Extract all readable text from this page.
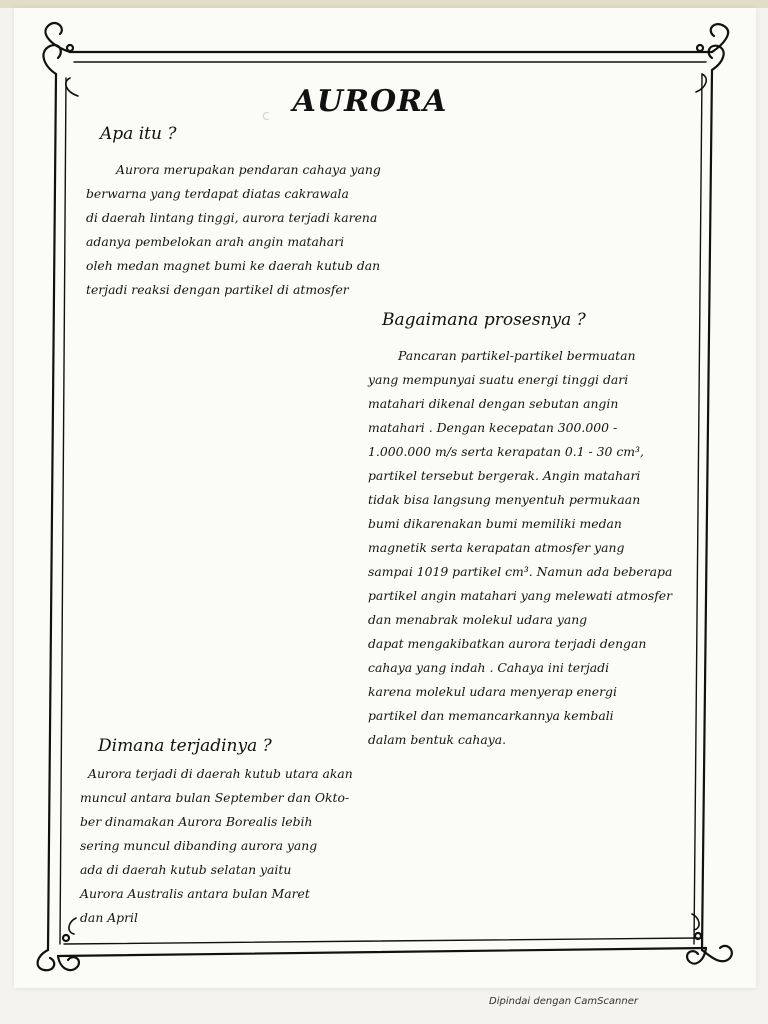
c AURORA
Apa itu ?
Aurora merupakan pendaran cahaya yang
berwarna yang terdapat diatas cakrawala
di daerah lintang tinggi, aurora terjadi karena
adanya pembelokan arah angin matahari
oleh medan magnet bumi ke daerah kutub dan
terjadi reaksi dengan partikel di atmosfer
Bagaimana prosesnya ?
Pancaran partikel-partikel bermuatan
yang mempunyai suatu energi tinggi dari
matahari dikenal dengan sebutan angin
matahari . Dengan kecepatan 300.000 -
1.000.000 m/s serta kerapatan 0.1 - 30 cm³,
partikel tersebut bergerak. Angin matahari
tidak bisa langsung menyentuh permukaan
bumi dikarenakan bumi memiliki medan
magnetik serta kerapatan atmosfer yang
sampai 1019 partikel cm³. Namun ada beberapa
partikel angin matahari yang melewati atmosfer
dan menabrak molekul udara yang
dapat mengakibatkan aurora terjadi dengan
cahaya yang indah . Cahaya ini terjadi
karena molekul udara menyerap energi
partikel dan memancarkannya kembali
dalam bentuk cahaya.
Dimana terjadinya ?
Aurora terjadi di daerah kutub utara akan
muncul antara bulan September dan Okto-
ber dinamakan Aurora Borealis lebih
sering muncul dibanding aurora yang
ada di daerah kutub selatan yaitu
Aurora Australis antara bulan Maret
dan April
Dipindai dengan CamScanner
